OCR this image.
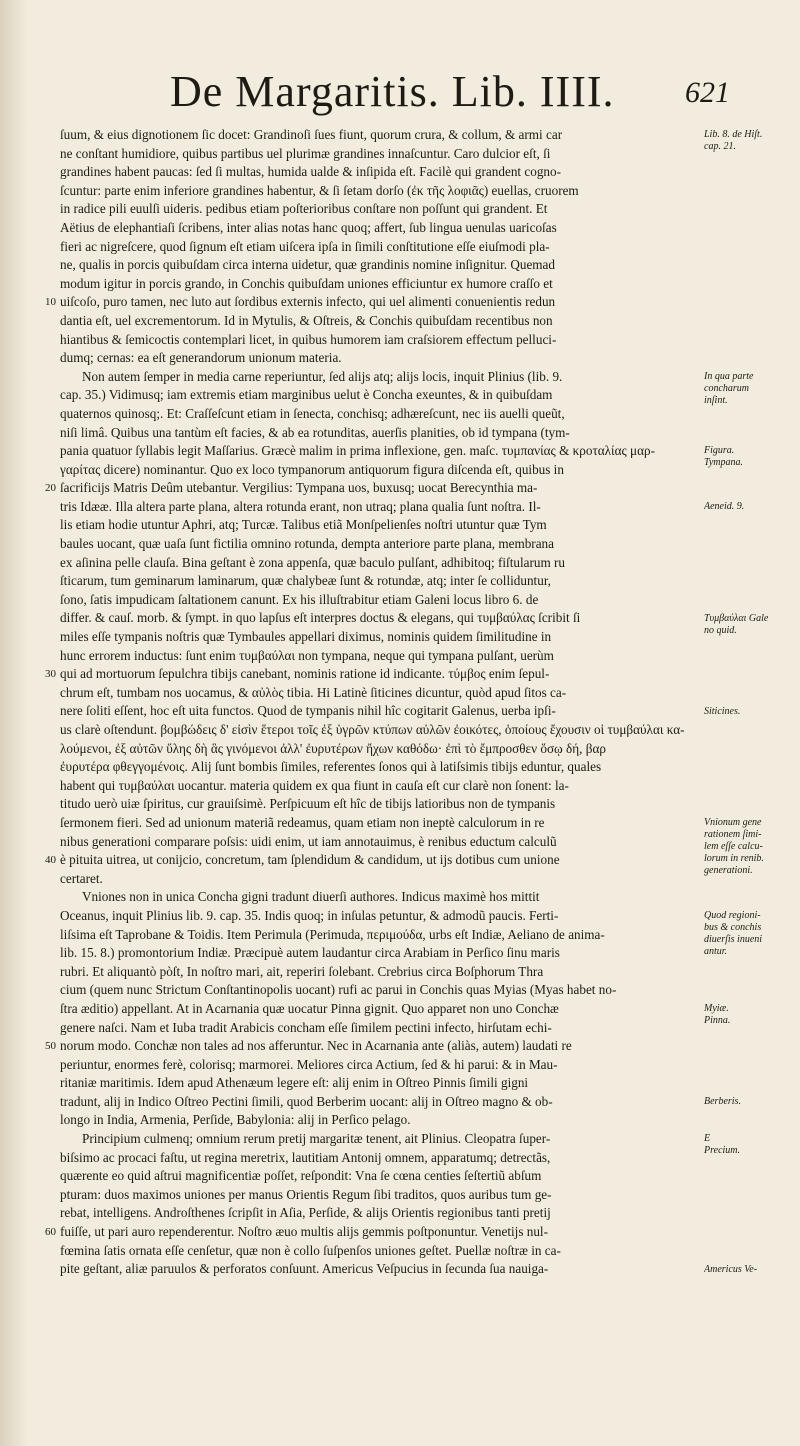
De Margaritis. Lib. IIII. 621
ſuum, & eius dignotionem ſic docet: Grandinoſi ſues fiunt, quorum crura, & collum, & armi car
ne conſtant humidiore, quibus partibus uel plurimæ grandines innaſcuntur. Caro dulcior eſt, ſi
grandines habent paucas: ſed ſi multas, humida ualde & inſipida eſt. Facilè qui grandent cogno-
ſcuntur: parte enim inferiore grandines habentur, & ſi ſetam dorſo (ἐκ τῆς λοφιᾶς) euellas, cruorem
in radice pili euulſi uideris. pedibus etiam poſterioribus conſtare non poſſunt qui grandent. Et
Aëtius de elephantiaſi ſcribens, inter alias notas hanc quoq; affert, ſub lingua uenulas uaricoſas
fieri ac nigreſcere, quod ſignum eſt etiam uiſcera ipſa in ſimili conſtitutione eſſe eiuſmodi pla-
ne, qualis in porcis quibuſdam circa interna uidetur, quæ grandinis nomine inſignitur. Quemad
modum igitur in porcis grando, in Conchis quibuſdam uniones efficiuntur ex humore craſſo et
10 uiſcoſo, puro tamen, nec luto aut ſordibus externis infecto, qui uel alimenti conuenientis redun
dantia eſt, uel excrementorum. Id in Mytulis, & Oſtreis, & Conchis quibuſdam recentibus non
hiantibus & ſemicoctis contemplari licet, in quibus humorem iam craſsiorem effectum pelluci-
dumq; cernas: ea eſt generandorum unionum materia.
Non autem ſemper in media carne reperiuntur, ſed alijs atq; alijs locis, inquit Plinius (lib. 9.
cap. 35.) Vidimusq; iam extremis etiam marginibus uelut è Concha exeuntes, & in quibuſdam
quaternos quinosq;. Et: Craſſeſcunt etiam in ſenecta, conchisq; adhæreſcunt, nec iis auelli queũt,
niſi limâ. Quibus una tantùm eſt facies, & ab ea rotunditas, auerſis planities, ob id tympana (tym-
pania quatuor ſyllabis legit Maſſarius. Græcè malim in prima inflexione, gen. maſc. τυμπανίας & κροταλίας μαρ-
γαρίτας dicere) nominantur. Quo ex loco tympanorum antiquorum figura diſcenda eſt, quibus in
20 ſacrificijs Matris Deûm utebantur. Vergilius: Tympana uos, buxusq; uocat Berecynthia ma-
tris Idææ. Illa altera parte plana, altera rotunda erant, non utraq; plana qualia ſunt noſtra. Il-
lis etiam hodie utuntur Aphri, atq; Turcæ. Talibus etiã Monſpelienſes noſtri utuntur quæ Tym
baules uocant, quæ uaſa ſunt fictilia omnino rotunda, dempta anteriore parte plana, membrana
ex aſinina pelle clauſa. Bina geſtant è zona appenſa, quæ baculo pulſant, adhibitoq; fiſtularum ru
ſticarum, tum geminarum laminarum, quæ chalybeæ ſunt & rotundæ, atq; inter ſe colliduntur,
ſono, ſatis impudicam ſaltationem canunt. Ex his illuſtrabitur etiam Galeni locus libro 6. de
differ. & cauſ. morb. & ſympt. in quo lapſus eſt interpres doctus & elegans, qui τυμβαύλας ſcribit ſi
miles eſſe tympanis noſtris quæ Tymbaules appellari diximus, nominis quidem ſimilitudine in
hunc errorem inductus: ſunt enim τυμβαύλαι non tympana, neque qui tympana pulſant, uerùm
30 qui ad mortuorum ſepulchra tibijs canebant, nominis ratione id indicante. τύμβος enim ſepul-
chrum eſt, tumbam nos uocamus, & αὐλὸς tibia. Hi Latinè ſiticines dicuntur, quòd apud ſitos ca-
nere ſoliti eſſent, hoc eſt uita functos. Quod de tympanis nihil hîc cogitarit Galenus, uerba ipſi-
us clarè oſtendunt. βομβώδεις δ' εἰσὶν ἕτεροι τοῖς ἐξ ὑγρῶν κτύπων αὐλῶν ἐοικότες, ὁποίους ἔχουσιν οἱ τυμβαύλαι κα-
λούμενοι, ἐξ αὐτῶν ὕλης δὴ ἃς γινόμενοι ἀλλ' ἐυρυτέρων ἤχων καθόδω· ἐπὶ τὸ ἔμπροσθεν ὅσῳ δή, βαρ
ἐυρυτέρα φθεγγομένοις. Alij ſunt bombis ſimiles, referentes ſonos qui à latiſsimis tibijs eduntur, quales
habent qui τυμβαύλαι uocantur. materia quidem ex qua fiunt in cauſa eſt cur clarè non ſonent: la-
titudo uerò uiæ ſpiritus, cur grauiſsimè. Perſpicuum eſt hîc de tibijs latioribus non de tympanis
ſermonem fieri. Sed ad unionum materiã redeamus, quam etiam non ineptè calculorum in re
nibus generationi comparare poſsis: uidi enim, ut iam annotauimus, è renibus eductum calculũ
40 è pituita uitrea, ut conijcio, concretum, tam ſplendidum & candidum, ut ijs dotibus cum unione
certaret.
Vniones non in unica Concha gigni tradunt diuerſi authores. Indicus maximè hos mittit
Oceanus, inquit Plinius lib. 9. cap. 35. Indis quoq; in inſulas petuntur, & admodũ paucis. Ferti-
liſsima eſt Taprobane & Toidis. Item Perimula (Perimuda, περιμούδα, urbs eſt Indiæ, Aeliano de anima-
lib. 15. 8.) promontorium Indiæ. Præcipuè autem laudantur circa Arabiam in Perſico ſinu maris
rubri. Et aliquantò pòſt, In noſtro mari, ait, reperiri ſolebant. Crebrius circa Boſphorum Thra
cium (quem nunc Strictum Conſtantinopolis uocant) rufi ac parui in Conchis quas Myias (Myas habet no-
ſtra æditio) appellant. At in Acarnania quæ uocatur Pinna gignit. Quo apparet non uno Conchæ
genere naſci. Nam et Iuba tradit Arabicis concham eſſe ſimilem pectini infecto, hirſutam echi-
50 norum modo. Conchæ non tales ad nos afferuntur. Nec in Acarnania ante (aliàs, autem) laudati re
periuntur, enormes ferè, colorisq; marmorei. Meliores circa Actium, ſed & hi parui: & in Mau-
ritaniæ maritimis. Idem apud Athenæum legere eſt: alij enim in Oſtreo Pinnis ſimili gigni
tradunt, alij in Indico Oſtreo Pectini ſimili, quod Berberim uocant: alij in Oſtreo magno & ob-
longo in India, Armenia, Perſide, Babylonia: alij in Perſico pelago.
Principium culmenq; omnium rerum pretij margaritæ tenent, ait Plinius. Cleopatra ſuper-
biſsimo ac procaci faſtu, ut regina meretrix, lautitiam Antonij omnem, apparatumq; detrectãs,
quærente eo quid aſtrui magnificentiæ poſſet, reſpondit: Vna ſe cœna centies ſeſtertiũ abſum
pturam: duos maximos uniones per manus Orientis Regum ſibi traditos, quos auribus tum ge-
rebat, intelligens. Androſthenes ſcripſit in Aſia, Perſide, & alijs Orientis regionibus tanti pretij
60 fuiſſe, ut pari auro rependerentur. Noſtro æuo multis alijs gemmis poſtponuntur. Venetijs nul-
fœmina ſatis ornata eſſe cenſetur, quæ non è collo ſuſpenſos uniones geſtet. Puellæ noſtræ in ca-
pite geſtant, aliæ paruulos & perforatos conſuunt. Americus Veſpucius in ſecunda ſua nauiga-
Lib. 8. de Hiſt.
cap. 21.
In qua parte
concharum
inſint.
Figura.
Tympana.
Aeneid. 9.
Τυμβαύλαι Gale
no quid.
Siticines.
Vnionum gene
rationem ſimi-
lem eſſe calcu-
lorum in renib.
generationi.
Quod regioni-
bus & conchis
diuerſis inueni
antur.
Myiæ.
Pinna.
Berberis.
E
Precium.
Americus Ve-
